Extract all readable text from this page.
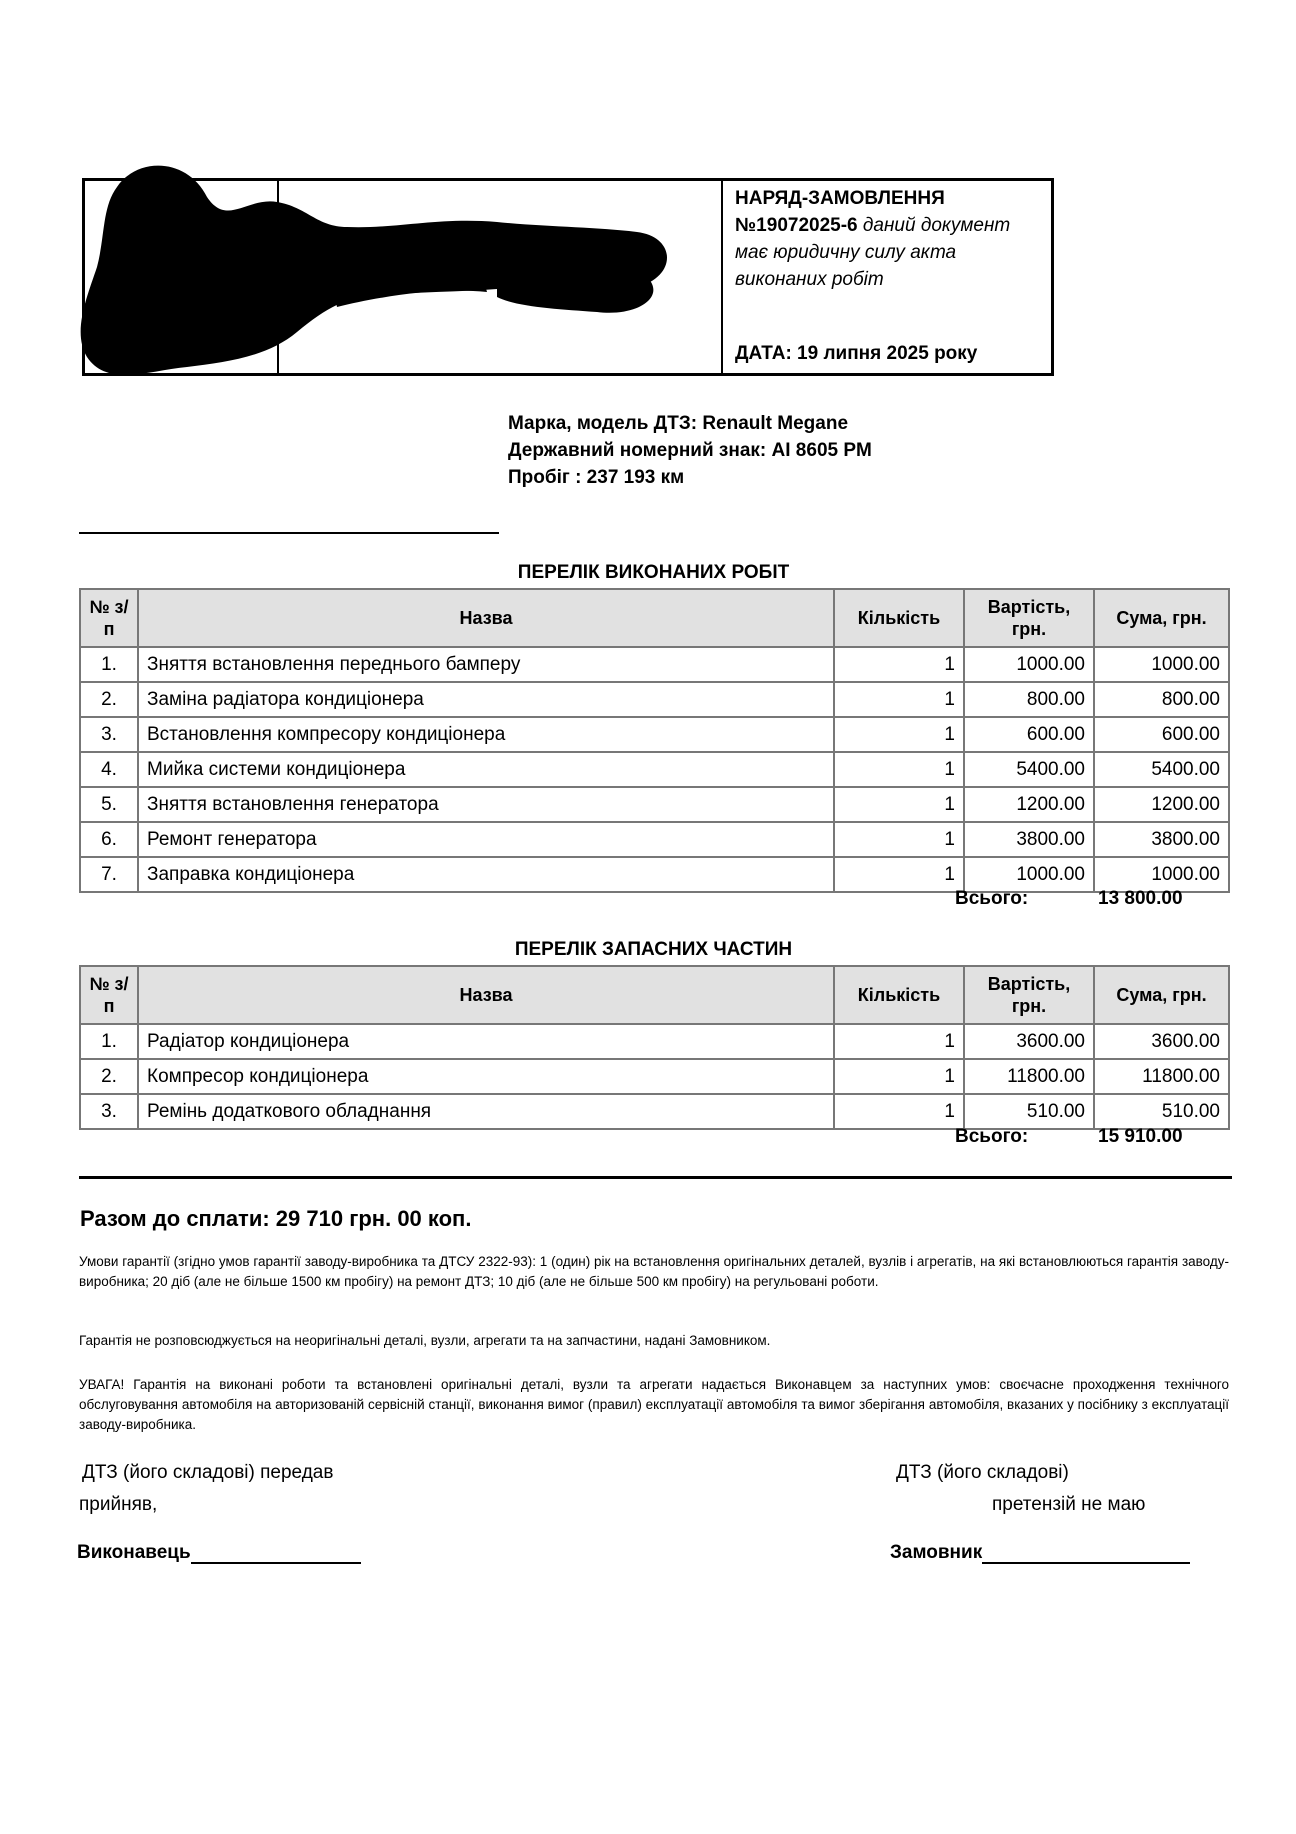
НАРЯД-ЗАМОВЛЕННЯ
№19072025-6 даний документ має юридичну силу акта виконаних робіт
ДАТА: 19 липня 2025 року
Марка, модель ДТЗ: Renault Megane
Державний номерний знак: AI 8605 PM
Пробіг : 237 193 км
ПЕРЕЛІК ВИКОНАНИХ РОБІТ
№ з/п	Назва	Кількість	Вартість, грн.	Сума, грн.
1.	Зняття встановлення переднього бамперу	1	1000.00	1000.00
2.	Заміна радіатора кондиціонера	1	800.00	800.00
3.	Встановлення компресору кондиціонера	1	600.00	600.00
4.	Мийка системи кондиціонера	1	5400.00	5400.00
5.	Зняття встановлення генератора	1	1200.00	1200.00
6.	Ремонт генератора	1	3800.00	3800.00
7.	Заправка кондиціонера	1	1000.00	1000.00
Всього:	13 800.00
ПЕРЕЛІК ЗАПАСНИХ ЧАСТИН
№ з/п	Назва	Кількість	Вартість, грн.	Сума, грн.
1.	Радіатор кондиціонера	1	3600.00	3600.00
2.	Компресор кондиціонера	1	11800.00	11800.00
3.	Ремінь додаткового обладнання	1	510.00	510.00
Всього:	15 910.00
Разом до сплати: 29 710 грн. 00 коп.
Умови гарантії (згідно умов гарантії заводу-виробника та ДТСУ 2322-93): 1 (один) рік на встановлення оригінальних деталей, вузлів і агрегатів, на які встановлюються гарантія заводу-виробника; 20 діб (але не більше 1500 км пробігу) на ремонт ДТЗ; 10 діб (але не більше 500 км пробігу) на регульовані роботи.
Гарантія не розповсюджується на неоригінальні деталі, вузли, агрегати та на запчастини, надані Замовником.
УВАГА! Гарантія на виконані роботи та встановлені оригінальні деталі, вузли та агрегати надається Виконавцем за наступних умов: своєчасне проходження технічного обслуговування автомобіля на авторизованій сервісній станції, виконання вимог (правил) експлуатації автомобіля та вимог зберігання автомобіля, вказаних у посібнику з експлуатації заводу-виробника.
ДТЗ (його складові) передав
прийняв,
ДТЗ (його складові)
претензій не маю
Виконавець	Замовник
